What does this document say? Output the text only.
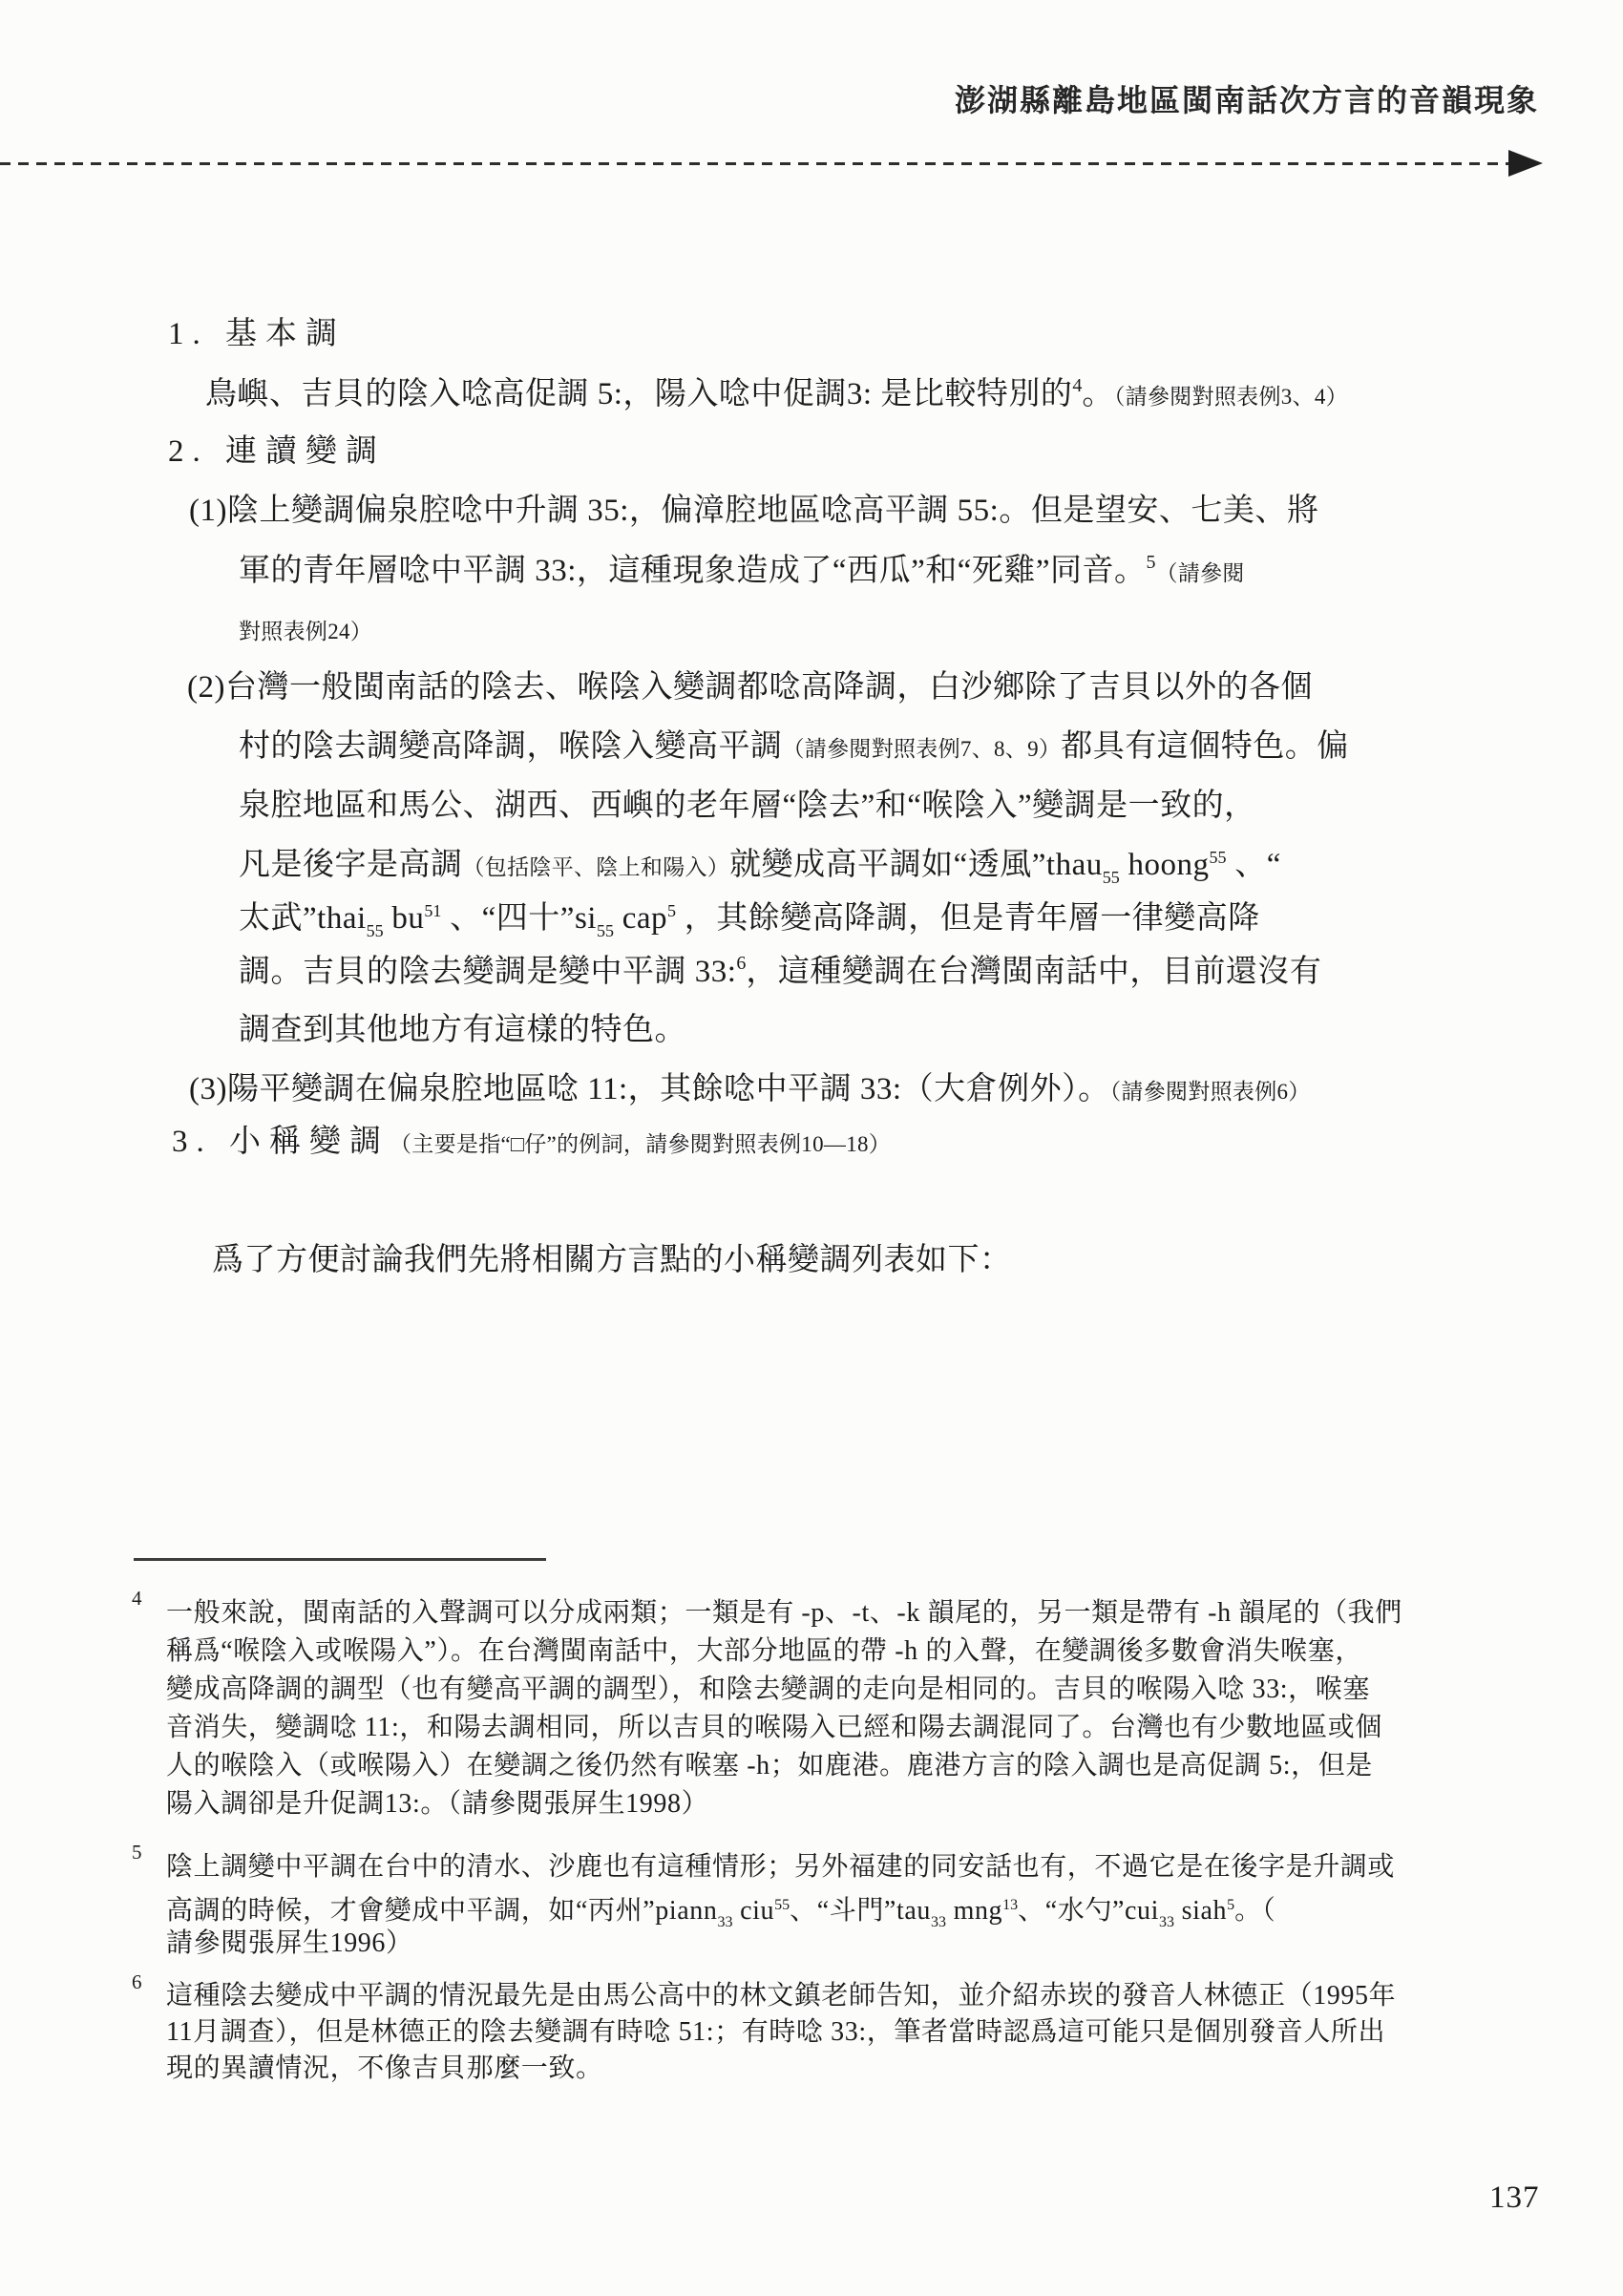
澎湖縣離島地區閩南話次方言的音韻現象
1. 基本調
鳥嶼、吉貝的陰入唸高促調 5:，陽入唸中促調3: 是比較特別的$^4$。（請參閱對照表例3、4）
2. 連讀變調
(1)陰上變調偏泉腔唸中升調 35:，偏漳腔地區唸高平調 55:。但是望安、七美、將
軍的青年層唸中平調 33:，這種現象造成了“西瓜”和“死雞”同音。$^5$（請參閱
對照表例24）
(2)台灣一般閩南話的陰去、喉陰入變調都唸高降調，白沙鄉除了吉貝以外的各個
村的陰去調變高降調，喉陰入變高平調（請參閱對照表例7、8、9）都具有這個特色。偏
泉腔地區和馬公、湖西、西嶼的老年層“陰去”和“喉陰入”變調是一致的，
凡是後字是高調（包括陰平、陰上和陽入）就變成高平調如“透風”thau$_{55}$ hoong$^{55}$ 、“
太武”thai$_{55}$ $bu^{51}$ 、“四十$”si_{55}$ cap$^5$ ，其餘變高降調，但是青年層一律變高降
調。吉貝的陰去變調是變中平調 33:$^6$，這種變調在台灣閩南話中，目前還沒有
調查到其他地方有這樣的特色。
(3)陽平變調在偏泉腔地區唸 11:，其餘唸中平調 33:（大倉例外）。（請參閱對照表例6）
3. 小稱變調（主要是指“□仔”的例詞，請參閱對照表例10—18）
爲了方便討論我們先將相關方言點的小稱變調列表如下：
4 一般來說，閩南話的入聲調可以分成兩類；一類是有 -p、-t、-k 韻尾的，另一類是帶有 -h 韻尾的（我們
稱爲“喉陰入或喉陽入”）。在台灣閩南話中，大部分地區的帶 -h 的入聲，在變調後多數會消失喉塞，
變成高降調的調型（也有變高平調的調型），和陰去變調的走向是相同的。吉貝的喉陽入唸 33:，喉塞
音消失，變調唸 11:，和陽去調相同，所以吉貝的喉陽入已經和陽去調混同了。台灣也有少數地區或個
人的喉陰入（或喉陽入）在變調之後仍然有喉塞 -h；如鹿港。鹿港方言的陰入調也是高促調 5:，但是
陽入調卻是升促調13:。（請參閱張屏生1998）
5 陰上調變中平調在台中的清水、沙鹿也有這種情形；另外福建的同安話也有，不過它是在後字是升調或
高調的時候，才會變成中平調，如“丙州”piann$_{33}$ ciu$^{55}$、“斗門”tau$_{33}$ mng$^{13}$、“水勺”cui$_{33}$ siah$^5$。（
請參閱張屏生1996）
6 這種陰去變成中平調的情況最先是由馬公高中的林文鎮老師告知，並介紹赤崁的發音人林德正（1995年
11月調查），但是林德正的陰去變調有時唸 51:；有時唸 33:，筆者當時認爲這可能只是個別發音人所出
現的異讀情況，不像吉貝那麼一致。
137
